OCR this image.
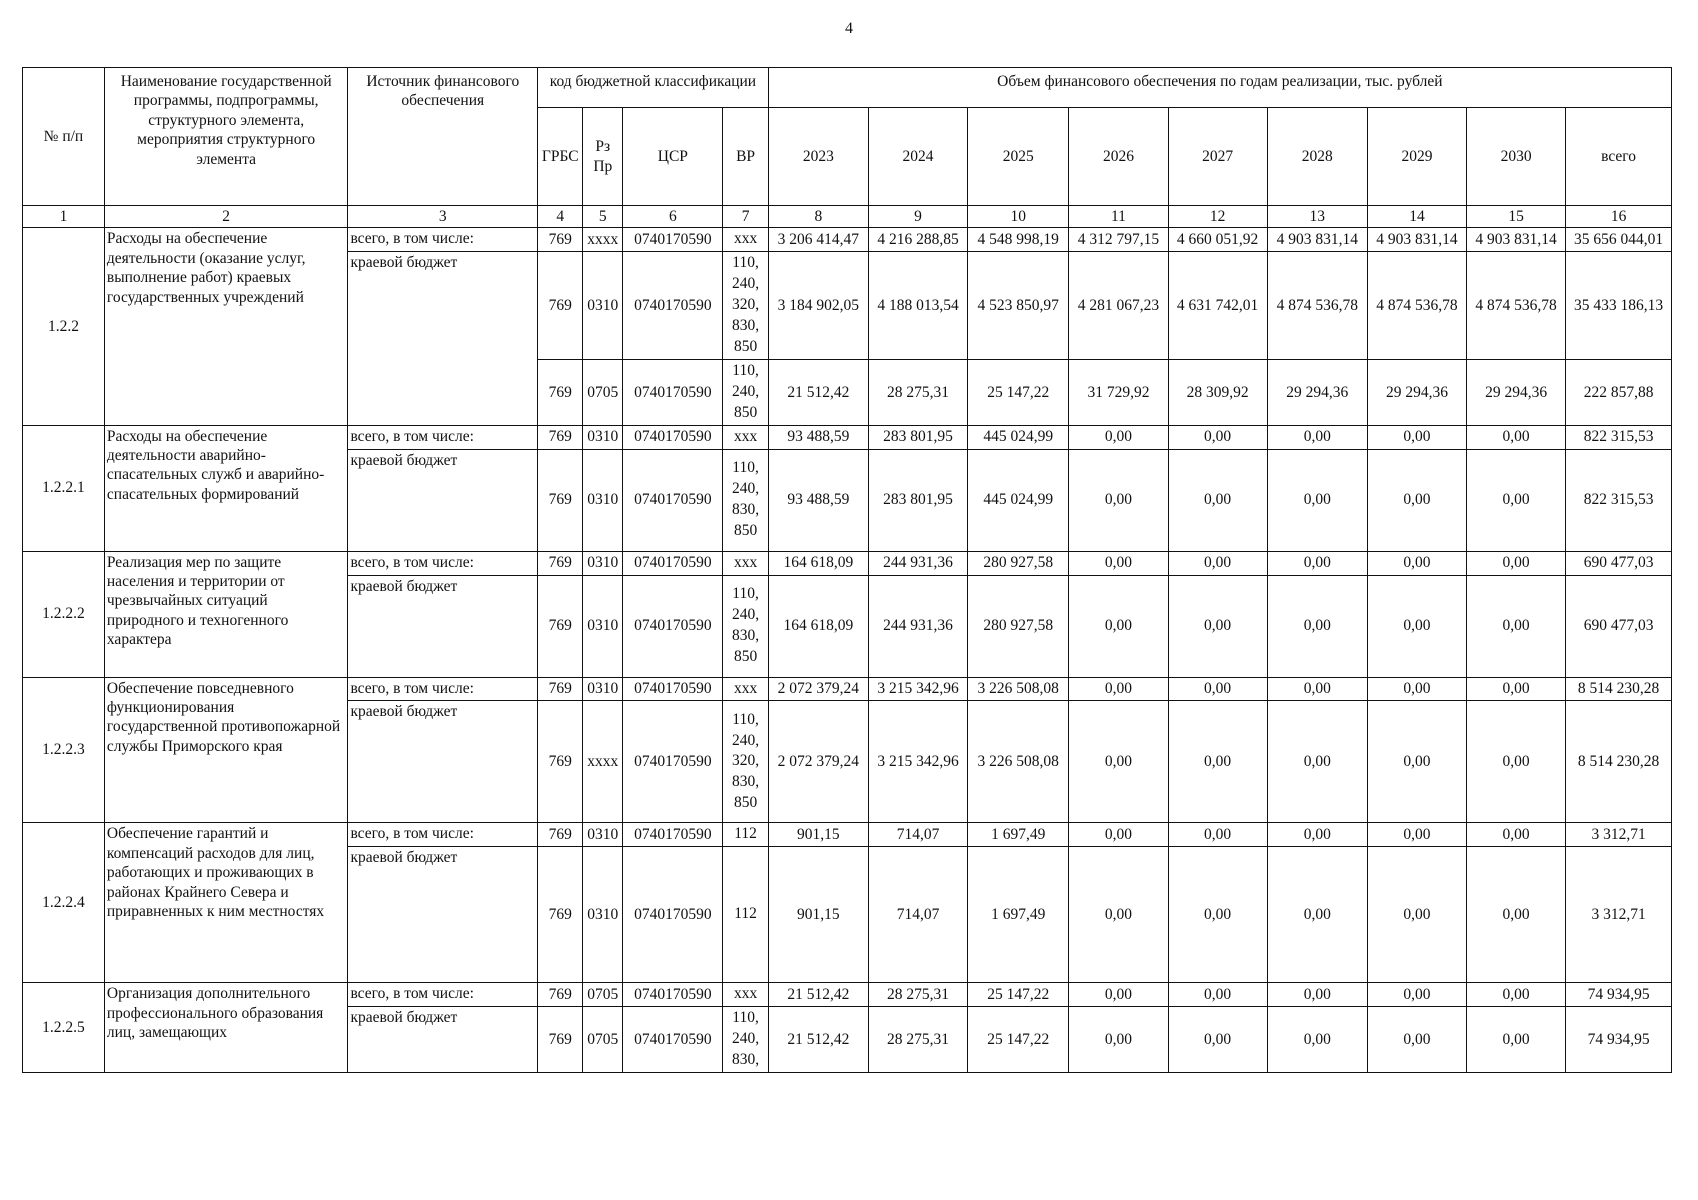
4
№ п/п	Наименование государственной программы, подпрограммы, структурного элемента, мероприятия структурного элемента	Источник финансового обеспечения	код бюджетной классификации				Объем финансового обеспечения по годам реализации, тыс. рублей								
			ГРБС	Рз Пр	ЦСР	ВР	2023	2024	2025	2026	2027	2028	2029	2030	всего
1	2	3	4	5	6	7	8	9	10	11	12	13	14	15	16
1.2.2	Расходы на обеспечение деятельности (оказание услуг, выполнение работ) краевых государственных учреждений	всего, в том числе:	769	xxxx	0740170590	xxx	3 206 414,47	4 216 288,85	4 548 998,19	4 312 797,15	4 660 051,92	4 903 831,14	4 903 831,14	4 903 831,14	35 656 044,01
		краевой бюджет	769	0310	0740170590	110, 240, 320, 830, 850	3 184 902,05	4 188 013,54	4 523 850,97	4 281 067,23	4 631 742,01	4 874 536,78	4 874 536,78	4 874 536,78	35 433 186,13
			769	0705	0740170590	110, 240, 850	21 512,42	28 275,31	25 147,22	31 729,92	28 309,92	29 294,36	29 294,36	29 294,36	222 857,88
1.2.2.1	Расходы на обеспечение деятельности аварийно-спасательных служб и аварийно-спасательных формирований	всего, в том числе:	769	0310	0740170590	xxx	93 488,59	283 801,95	445 024,99	0,00	0,00	0,00	0,00	0,00	822 315,53
		краевой бюджет	769	0310	0740170590	110, 240, 830, 850	93 488,59	283 801,95	445 024,99	0,00	0,00	0,00	0,00	0,00	822 315,53
1.2.2.2	Реализация мер по защите населения и территории от чрезвычайных ситуаций природного и техногенного характера	всего, в том числе:	769	0310	0740170590	xxx	164 618,09	244 931,36	280 927,58	0,00	0,00	0,00	0,00	0,00	690 477,03
		краевой бюджет	769	0310	0740170590	110, 240, 830, 850	164 618,09	244 931,36	280 927,58	0,00	0,00	0,00	0,00	0,00	690 477,03
1.2.2.3	Обеспечение повседневного функционирования государственной противопожарной службы Приморского края	всего, в том числе:	769	0310	0740170590	xxx	2 072 379,24	3 215 342,96	3 226 508,08	0,00	0,00	0,00	0,00	0,00	8 514 230,28
		краевой бюджет	769	xxxx	0740170590	110, 240, 320, 830, 850	2 072 379,24	3 215 342,96	3 226 508,08	0,00	0,00	0,00	0,00	0,00	8 514 230,28
1.2.2.4	Обеспечение гарантий и компенсаций расходов для лиц, работающих и проживающих в районах Крайнего Севера и приравненных к ним местностях	всего, в том числе:	769	0310	0740170590	112	901,15	714,07	1 697,49	0,00	0,00	0,00	0,00	0,00	3 312,71
		краевой бюджет	769	0310	0740170590	112	901,15	714,07	1 697,49	0,00	0,00	0,00	0,00	0,00	3 312,71
1.2.2.5	Организация дополнительного профессионального образования лиц, замещающих	всего, в том числе:	769	0705	0740170590	xxx	21 512,42	28 275,31	25 147,22	0,00	0,00	0,00	0,00	0,00	74 934,95
		краевой бюджет	769	0705	0740170590	110, 240, 830,	21 512,42	28 275,31	25 147,22	0,00	0,00	0,00	0,00	0,00	74 934,95
